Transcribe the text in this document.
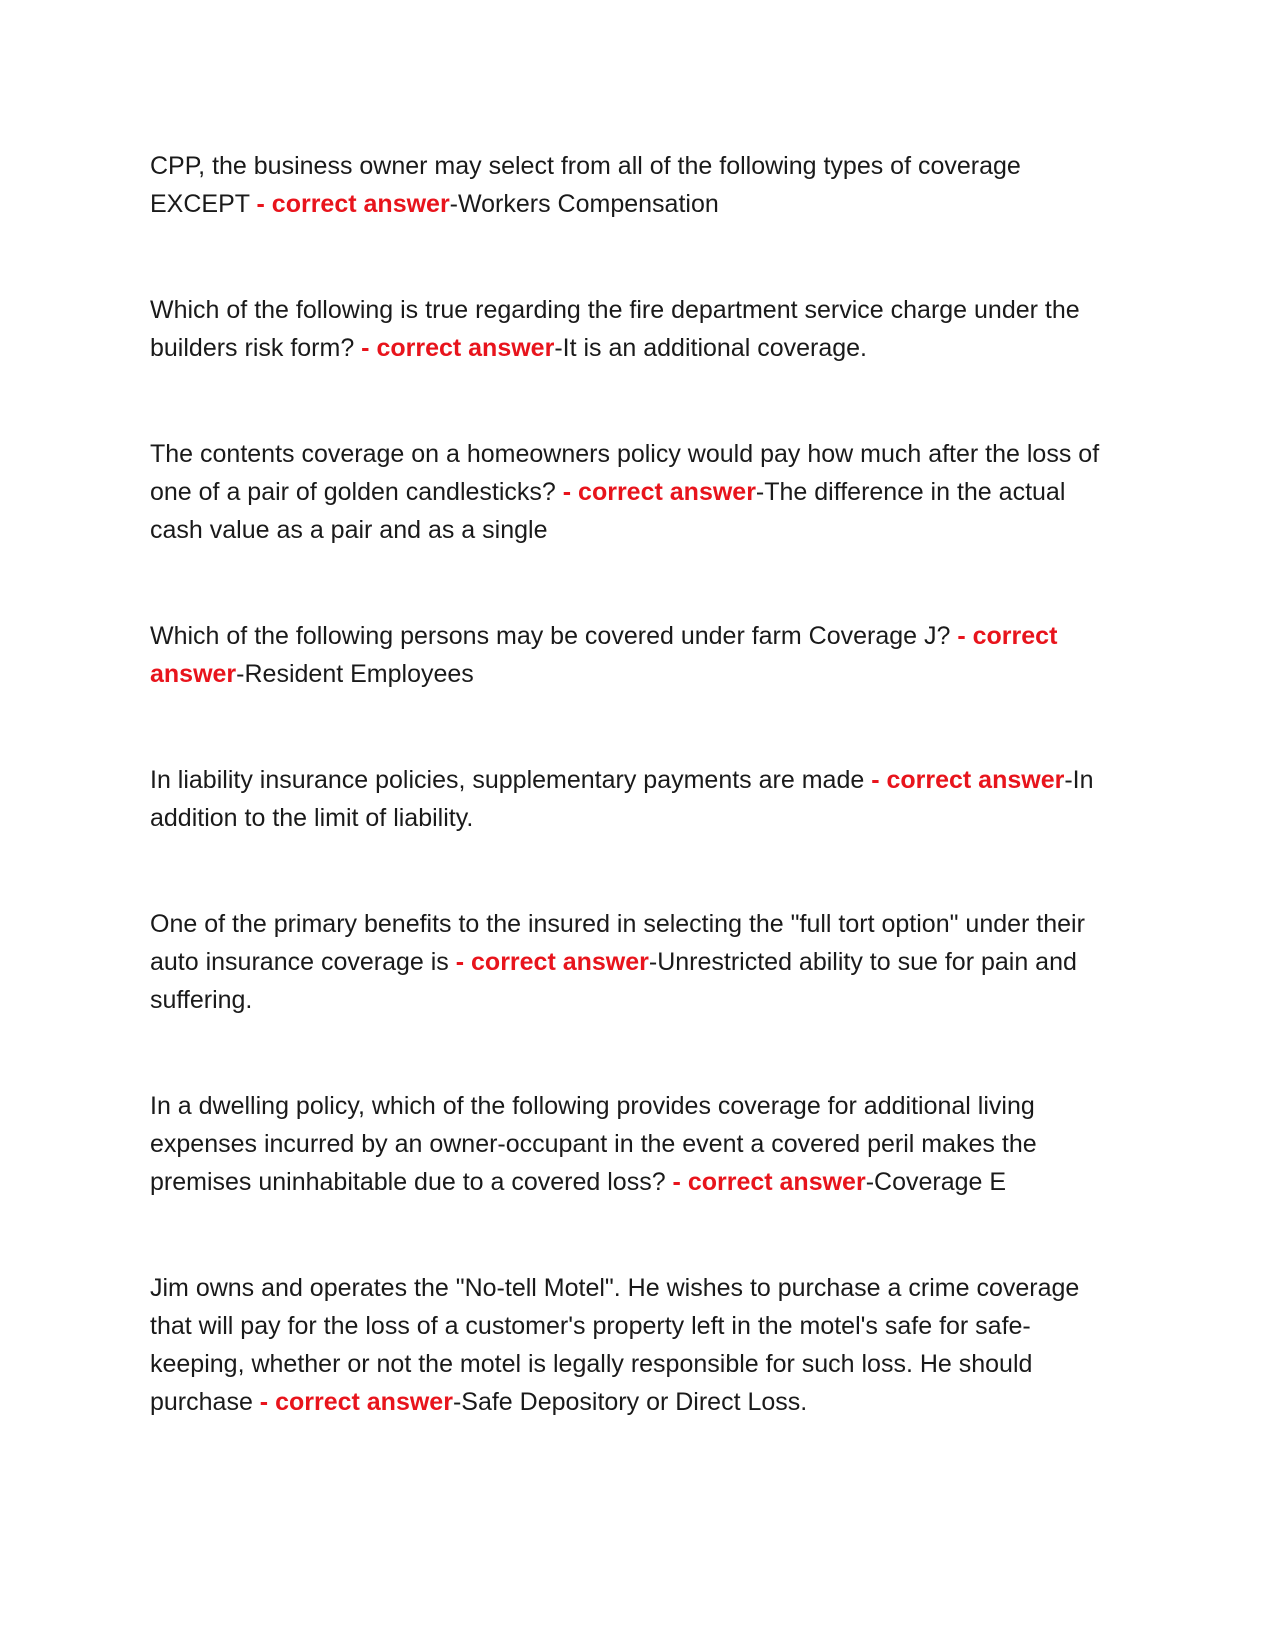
CPP, the business owner may select from all of the following types of coverage EXCEPT - correct answer-Workers Compensation

Which of the following is true regarding the fire department service charge under the builders risk form? - correct answer-It is an additional coverage.

The contents coverage on a homeowners policy would pay how much after the loss of one of a pair of golden candlesticks? - correct answer-The difference in the actual cash value as a pair and as a single

Which of the following persons may be covered under farm Coverage J? - correct answer-Resident Employees

In liability insurance policies, supplementary payments are made - correct answer-In addition to the limit of liability.

One of the primary benefits to the insured in selecting the "full tort option" under their auto insurance coverage is - correct answer-Unrestricted ability to sue for pain and suffering.

In a dwelling policy, which of the following provides coverage for additional living expenses incurred by an owner-occupant in the event a covered peril makes the premises uninhabitable due to a covered loss? - correct answer-Coverage E

Jim owns and operates the "No-tell Motel". He wishes to purchase a crime coverage that will pay for the loss of a customer's property left in the motel's safe for safe-keeping, whether or not the motel is legally responsible for such loss. He should purchase - correct answer-Safe Depository or Direct Loss.
